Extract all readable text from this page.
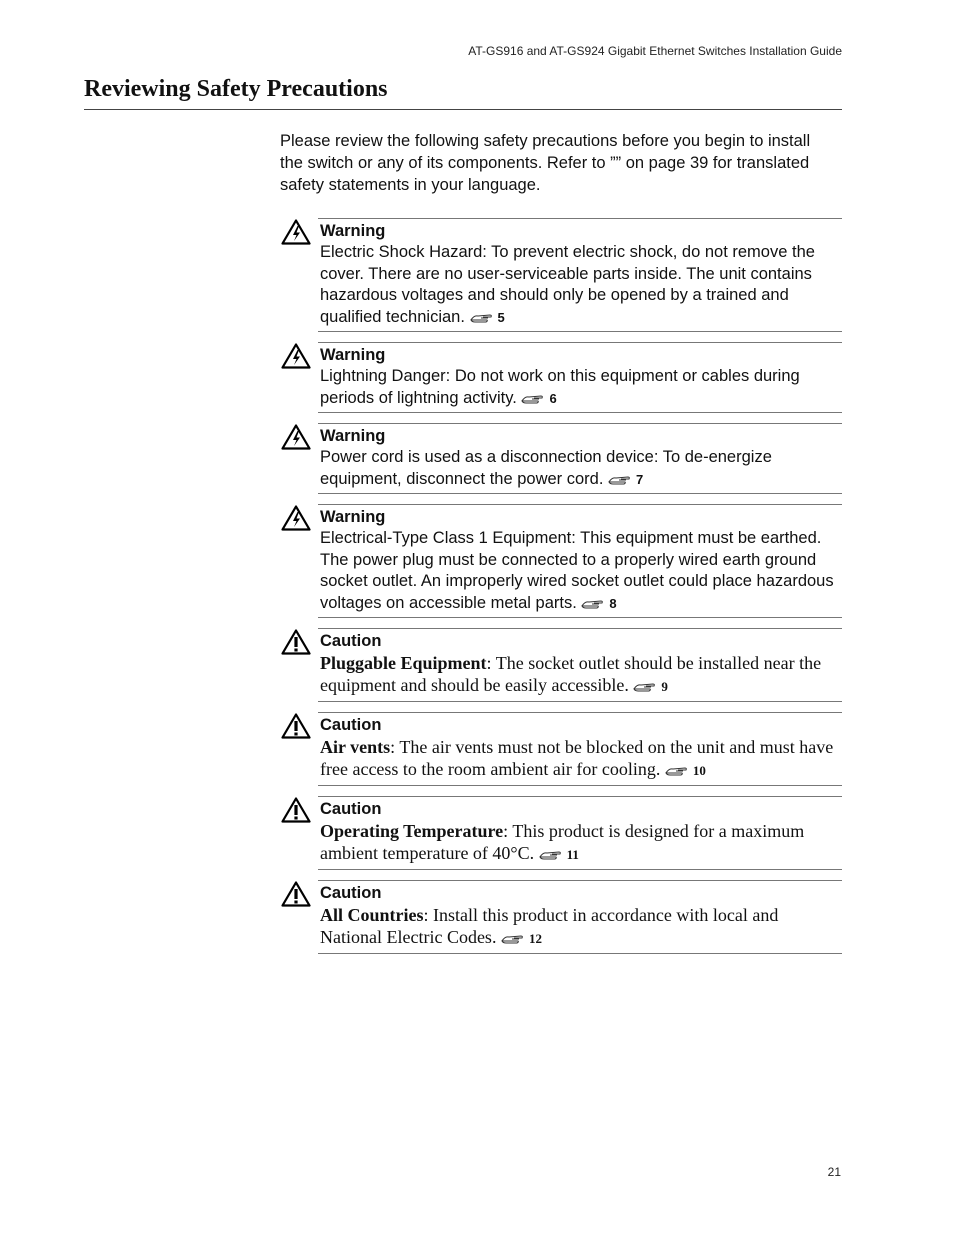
AT-GS916 and AT-GS924 Gigabit Ethernet Switches Installation Guide
Reviewing Safety Precautions

Please review the following safety precautions before you begin to install the switch or any of its components. Refer to ”” on page 39 for translated safety statements in your language.

Warning
Electric Shock Hazard: To prevent electric shock, do not remove the cover. There are no user-serviceable parts inside. The unit contains hazardous voltages and should only be opened by a trained and qualified technician.	5
Warning
Lightning Danger: Do not work on this equipment or cables during periods of lightning activity.	6
Warning
Power cord is used as a disconnection device: To de-energize equipment, disconnect the power cord.	7
Warning
Electrical-Type Class 1 Equipment: This equipment must be earthed. The power plug must be connected to a properly wired earth ground socket outlet. An improperly wired socket outlet could place hazardous voltages on accessible metal parts.	8
Caution
Pluggable Equipment: The socket outlet should be installed near the equipment and should be easily accessible.	9
Caution
Air vents: The air vents must not be blocked on the unit and must have free access to the room ambient air for cooling.	10
Caution
Operating Temperature: This product is designed for a maximum ambient temperature of 40°C.	11
Caution
All Countries: Install this product in accordance with local and National Electric Codes.	12
21
